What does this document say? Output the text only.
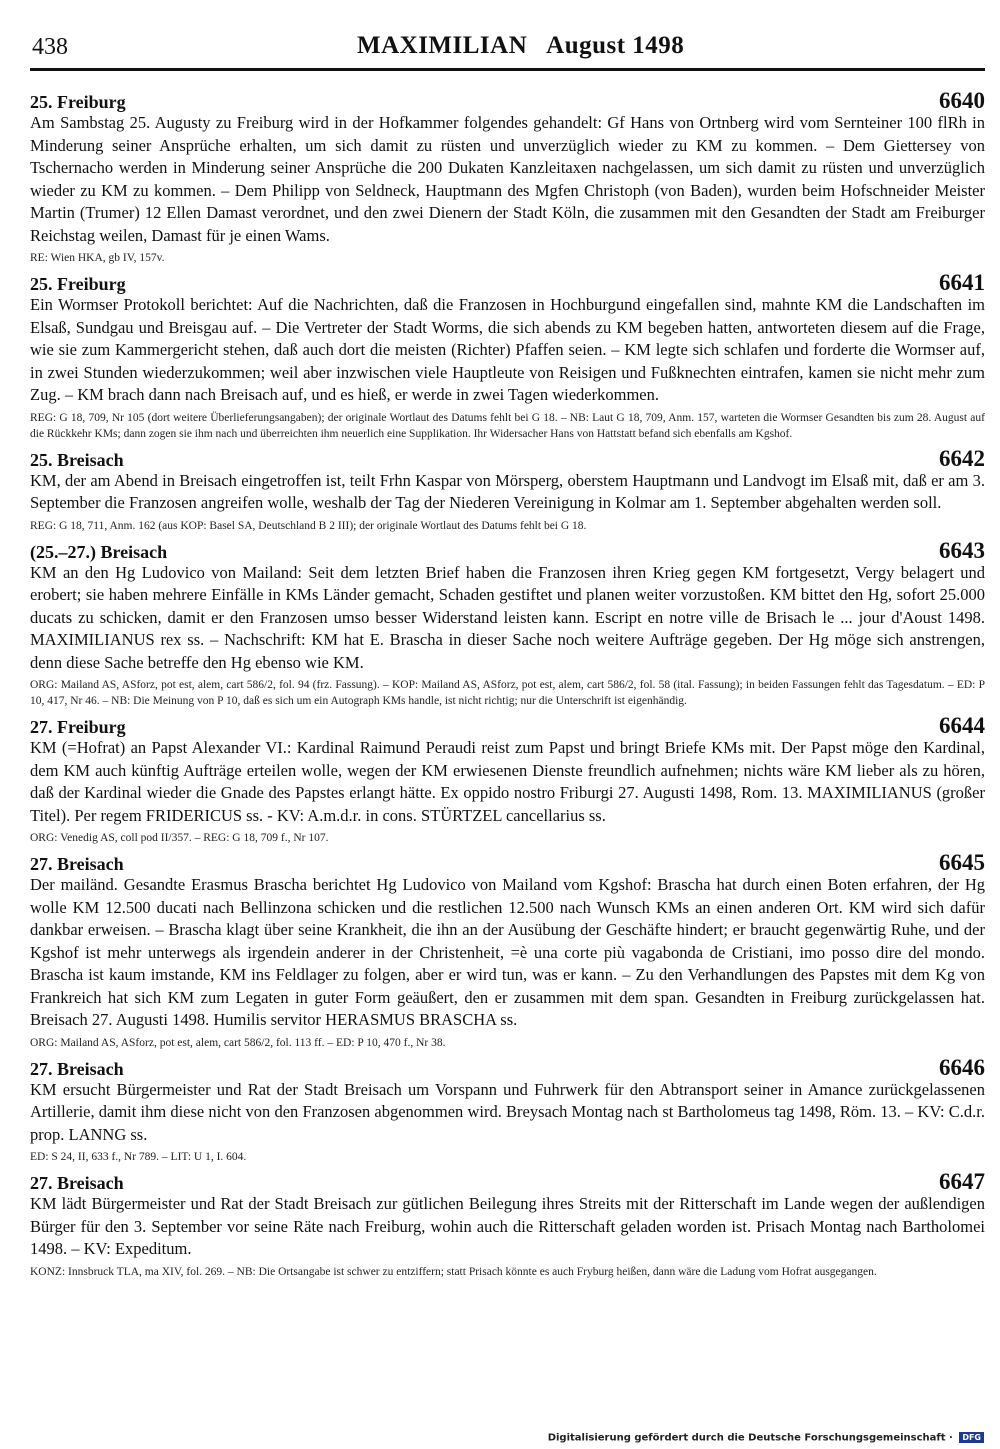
438	MAXIMILIAN   August 1498
25. Freiburg	6640
Am Sambstag 25. Augusty zu Freiburg wird in der Hofkammer folgendes gehandelt: Gf Hans von Ortnberg wird vom Sernteiner 100 flRh in Minderung seiner Ansprüche erhalten, um sich damit zu rüsten und unverzüglich wieder zu KM zu kommen. – Dem Giettersey von Tschernacho werden in Minderung seiner Ansprüche die 200 Dukaten Kanzleitaxen nachgelassen, um sich damit zu rüsten und unverzüglich wieder zu KM zu kommen. – Dem Philipp von Seldneck, Hauptmann des Mgfen Christoph (von Baden), wurden beim Hofschneider Meister Martin (Trumer) 12 Ellen Damast verordnet, und den zwei Dienern der Stadt Köln, die zusammen mit den Gesandten der Stadt am Freiburger Reichstag weilen, Damast für je einen Wams.
RE: Wien HKA, gb IV, 157v.
25. Freiburg	6641
Ein Wormser Protokoll berichtet: Auf die Nachrichten, daß die Franzosen in Hochburgund eingefallen sind, mahnte KM die Landschaften im Elsaß, Sundgau und Breisgau auf. – Die Vertreter der Stadt Worms, die sich abends zu KM begeben hatten, antworteten diesem auf die Frage, wie sie zum Kammergericht stehen, daß auch dort die meisten (Richter) Pfaffen seien. – KM legte sich schlafen und forderte die Wormser auf, in zwei Stunden wiederzukommen; weil aber inzwischen viele Hauptleute von Reisigen und Fußknechten eintrafen, kamen sie nicht mehr zum Zug. – KM brach dann nach Breisach auf, und es hieß, er werde in zwei Tagen wiederkommen.
REG: G 18, 709, Nr 105 (dort weitere Überlieferungsangaben); der originale Wortlaut des Datums fehlt bei G 18. – NB: Laut G 18, 709, Anm. 157, warteten die Wormser Gesandten bis zum 28. August auf die Rückkehr KMs; dann zogen sie ihm nach und überreichten ihm neuerlich eine Supplikation. Ihr Widersacher Hans von Hattstatt befand sich ebenfalls am Kgshof.
25. Breisach	6642
KM, der am Abend in Breisach eingetroffen ist, teilt Frhn Kaspar von Mörsperg, oberstem Hauptmann und Landvogt im Elsaß mit, daß er am 3. September die Franzosen angreifen wolle, weshalb der Tag der Niederen Vereinigung in Kolmar am 1. September abgehalten werden soll.
REG: G 18, 711, Anm. 162 (aus KOP: Basel SA, Deutschland B 2 III); der originale Wortlaut des Datums fehlt bei G 18.
(25.–27.) Breisach	6643
KM an den Hg Ludovico von Mailand: Seit dem letzten Brief haben die Franzosen ihren Krieg gegen KM fortgesetzt, Vergy belagert und erobert; sie haben mehrere Einfälle in KMs Länder gemacht, Schaden gestiftet und planen weiter vorzustoßen. KM bittet den Hg, sofort 25.000 ducats zu schicken, damit er den Franzosen umso besser Widerstand leisten kann. Escript en notre ville de Brisach le ... jour d'Aoust 1498. MAXIMILIANUS rex ss. – Nachschrift: KM hat E. Brascha in dieser Sache noch weitere Aufträge gegeben. Der Hg möge sich anstrengen, denn diese Sache betreffe den Hg ebenso wie KM.
ORG: Mailand AS, ASforz, pot est, alem, cart 586/2, fol. 94 (frz. Fassung). – KOP: Mailand AS, ASforz, pot est, alem, cart 586/2, fol. 58 (ital. Fassung); in beiden Fassungen fehlt das Tagesdatum. – ED: P 10, 417, Nr 46. – NB: Die Meinung von P 10, daß es sich um ein Autograph KMs handle, ist nicht richtig; nur die Unterschrift ist eigenhändig.
27. Freiburg	6644
KM (=Hofrat) an Papst Alexander VI.: Kardinal Raimund Peraudi reist zum Papst und bringt Briefe KMs mit. Der Papst möge den Kardinal, dem KM auch künftig Aufträge erteilen wolle, wegen der KM erwiesenen Dienste freundlich aufnehmen; nichts wäre KM lieber als zu hören, daß der Kardinal wieder die Gnade des Papstes erlangt hätte. Ex oppido nostro Friburgi 27. Augusti 1498, Rom. 13. MAXIMILIANUS (großer Titel). Per regem FRIDERICUS ss. - KV: A.m.d.r. in cons. STÜRTZEL cancellarius ss.
ORG: Venedig AS, coll pod II/357. – REG: G 18, 709 f., Nr 107.
27. Breisach	6645
Der mailänd. Gesandte Erasmus Brascha berichtet Hg Ludovico von Mailand vom Kgshof: Brascha hat durch einen Boten erfahren, der Hg wolle KM 12.500 ducati nach Bellinzona schicken und die restlichen 12.500 nach Wunsch KMs an einen anderen Ort. KM wird sich dafür dankbar erweisen. – Brascha klagt über seine Krankheit, die ihn an der Ausübung der Geschäfte hindert; er braucht gegenwärtig Ruhe, und der Kgshof ist mehr unterwegs als irgendein anderer in der Christenheit, =è una corte più vagabonda de Cristiani, imo posso dire del mondo. Brascha ist kaum imstande, KM ins Feldlager zu folgen, aber er wird tun, was er kann. – Zu den Verhandlungen des Papstes mit dem Kg von Frankreich hat sich KM zum Legaten in guter Form geäußert, den er zusammen mit dem span. Gesandten in Freiburg zurückgelassen hat. Breisach 27. Augusti 1498. Humilis servitor HERASMUS BRASCHA ss.
ORG: Mailand AS, ASforz, pot est, alem, cart 586/2, fol. 113 ff. – ED: P 10, 470 f., Nr 38.
27. Breisach	6646
KM ersucht Bürgermeister und Rat der Stadt Breisach um Vorspann und Fuhrwerk für den Abtransport seiner in Amance zurückgelassenen Artillerie, damit ihm diese nicht von den Franzosen abgenommen wird. Breysach Montag nach st Bartholomeus tag 1498, Röm. 13. – KV: C.d.r. prop. LANNG ss.
ED: S 24, II, 633 f., Nr 789. – LIT: U 1, I. 604.
27. Breisach	6647
KM lädt Bürgermeister und Rat der Stadt Breisach zur gütlichen Beilegung ihres Streits mit der Ritterschaft im Lande wegen der außlendigen Bürger für den 3. September vor seine Räte nach Freiburg, wohin auch die Ritterschaft geladen worden ist. Prisach Montag nach Bartholomei 1498. – KV: Expeditum.
KONZ: Innsbruck TLA, ma XIV, fol. 269. – NB: Die Ortsangabe ist schwer zu entziffern; statt Prisach könnte es auch Fryburg heißen, dann wäre die Ladung vom Hofrat ausgegangen.
Digitalisierung gefördert durch die Deutsche Forschungsgemeinschaft · DFG
